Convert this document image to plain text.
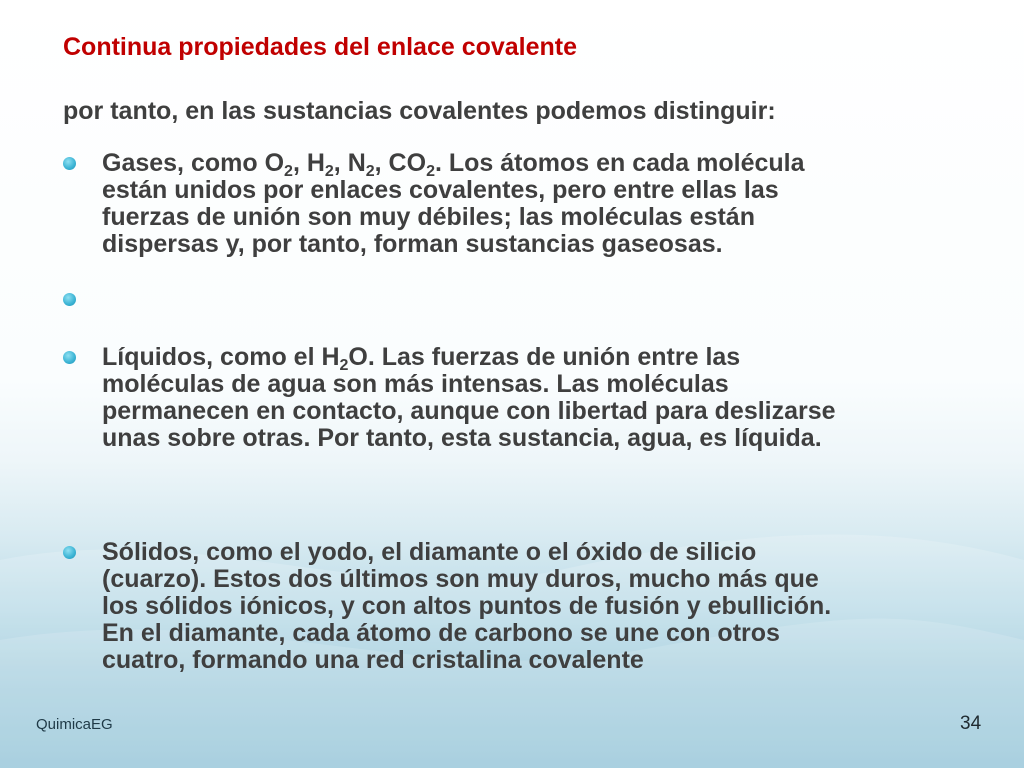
Continua propiedades del enlace covalente

por tanto, en las sustancias covalentes podemos distinguir:

Gases, como $O_2$, $H_2$, $N_2$, $CO_2$. Los átomos en cada molécula
están unidos por enlaces covalentes, pero entre ellas las
fuerzas de unión son muy débiles; las moléculas están
dispersas y, por tanto, forman sustancias gaseosas.
Líquidos, como el $H_2O$. Las fuerzas de unión entre las
moléculas de agua son más intensas. Las moléculas
permanecen en contacto, aunque con libertad para deslizarse
unas sobre otras. Por tanto, esta sustancia, agua, es líquida.
Sólidos, como el yodo, el diamante o el óxido de silicio
(cuarzo). Estos dos últimos son muy duros, mucho más que
los sólidos iónicos, y con altos puntos de fusión y ebullición.
En el diamante, cada átomo de carbono se une con otros
cuatro, formando una red cristalina covalente
QuimicaEG	34
